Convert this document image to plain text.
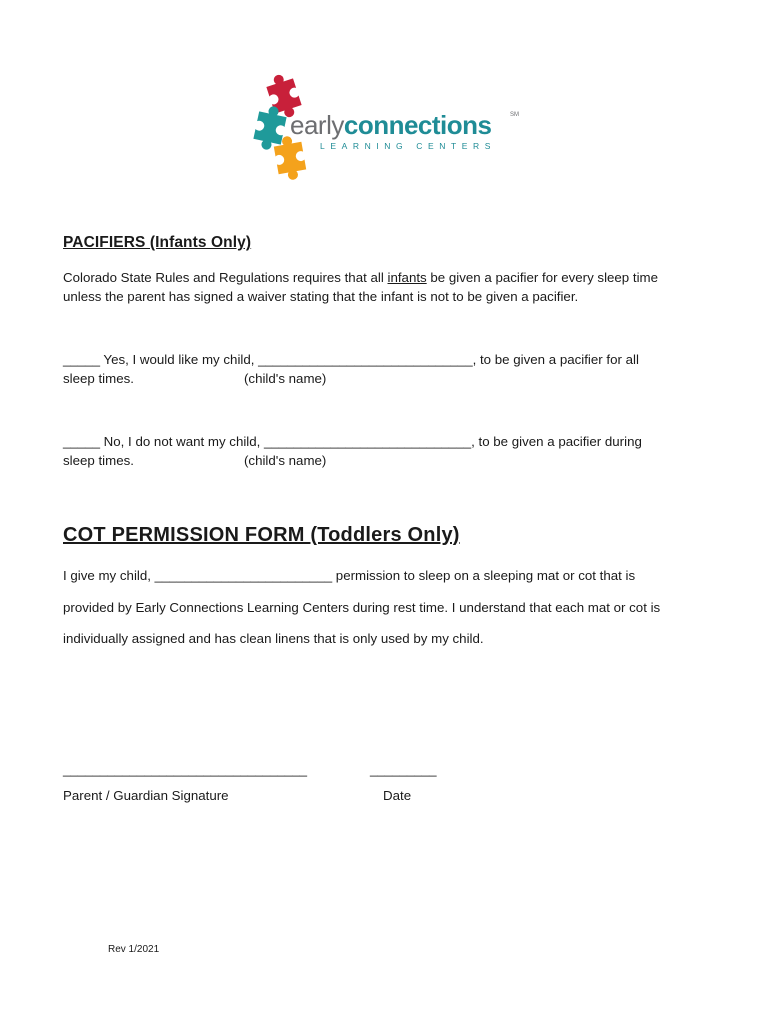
earlyconnections	SM
LEARNING CENTERS
PACIFIERS (Infants Only)
Colorado State Rules and Regulations requires that all infants be given a pacifier for every sleep time
unless the parent has signed a waiver stating that the infant is not to be given a pacifier.
_____ Yes, I would like my child, _____________________________, to be given a pacifier for all
sleep times.	(child's name)
_____ No, I do not want my child, ____________________________, to be given a pacifier during
sleep times.	(child's name)
COT PERMISSION FORM (Toddlers Only)
I give my child, ________________________ permission to sleep on a sleeping mat or cot that is
provided by Early Connections Learning Centers during rest time. I understand that each mat or cot is
individually assigned and has clean linens that is only used by my child.
_________________________________	_________
Parent / Guardian Signature	Date
Rev 1/2021
